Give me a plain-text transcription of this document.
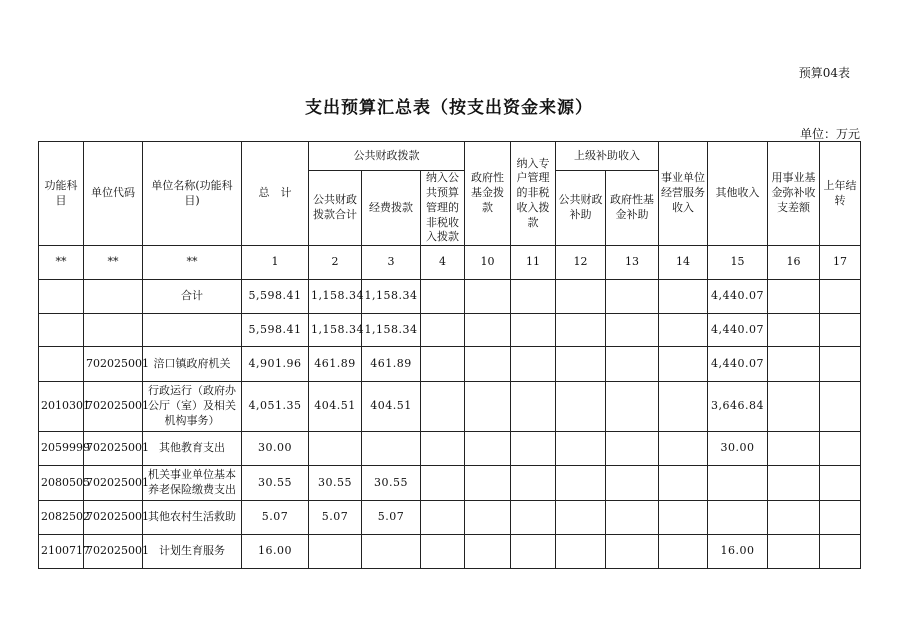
预算04表
支出预算汇总表（按支出资金来源）
单位：万元
功能科目	单位代码	单位名称(功能科目)	总　计	公共财政拨款			政府性基金拨款	纳入专户管理的非税收入拨款	上级补助收入		事业单位经营服务收入	其他收入	用事业基金弥补收支差额	上年结转
				公共财政拨款合计	经费拨款	纳入公共预算管理的非税收入拨款			公共财政补助	政府性基金补助				
**	**	**	1	2	3	4	10	11	12	13	14	15	16	17
		合计	5,598.41	1,158.34	1,158.34							4,440.07		
			5,598.41	1,158.34	1,158.34							4,440.07		
	702025001	涪口镇政府机关	4,901.96	461.89	461.89							4,440.07		
2010301	702025001	行政运行（政府办公厅（室）及相关机构事务）	4,051.35	404.51	404.51							3,646.84		
2059999	702025001	其他教育支出	30.00									30.00		
2080505	702025001	机关事业单位基本养老保险缴费支出	30.55	30.55	30.55									
2082502	702025001	其他农村生活救助	5.07	5.07	5.07									
2100717	702025001	计划生育服务	16.00									16.00		
